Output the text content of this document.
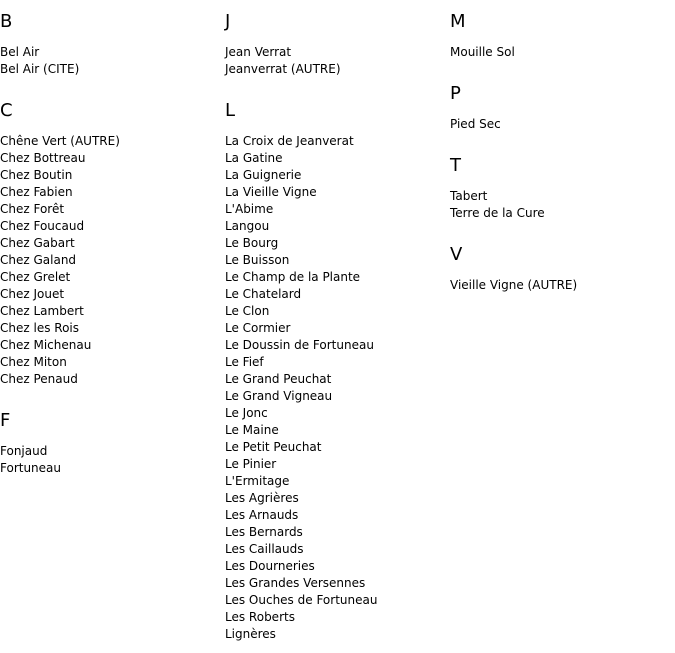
B
Bel Air
Bel Air (CITE)
C
Chêne Vert (AUTRE)
Chez Bottreau
Chez Boutin
Chez Fabien
Chez Forêt
Chez Foucaud
Chez Gabart
Chez Galand
Chez Grelet
Chez Jouet
Chez Lambert
Chez les Rois
Chez Michenau
Chez Miton
Chez Penaud
F
Fonjaud
Fortuneau
J
Jean Verrat
Jeanverrat (AUTRE)
L
La Croix de Jeanverat
La Gatine
La Guignerie
La Vieille Vigne
L'Abime
Langou
Le Bourg
Le Buisson
Le Champ de la Plante
Le Chatelard
Le Clon
Le Cormier
Le Doussin de Fortuneau
Le Fief
Le Grand Peuchat
Le Grand Vigneau
Le Jonc
Le Maine
Le Petit Peuchat
Le Pinier
L'Ermitage
Les Agrières
Les Arnauds
Les Bernards
Les Caillauds
Les Dourneries
Les Grandes Versennes
Les Ouches de Fortuneau
Les Roberts
Lignères
M
Mouille Sol
P
Pied Sec
T
Tabert
Terre de la Cure
V
Vieille Vigne (AUTRE)
